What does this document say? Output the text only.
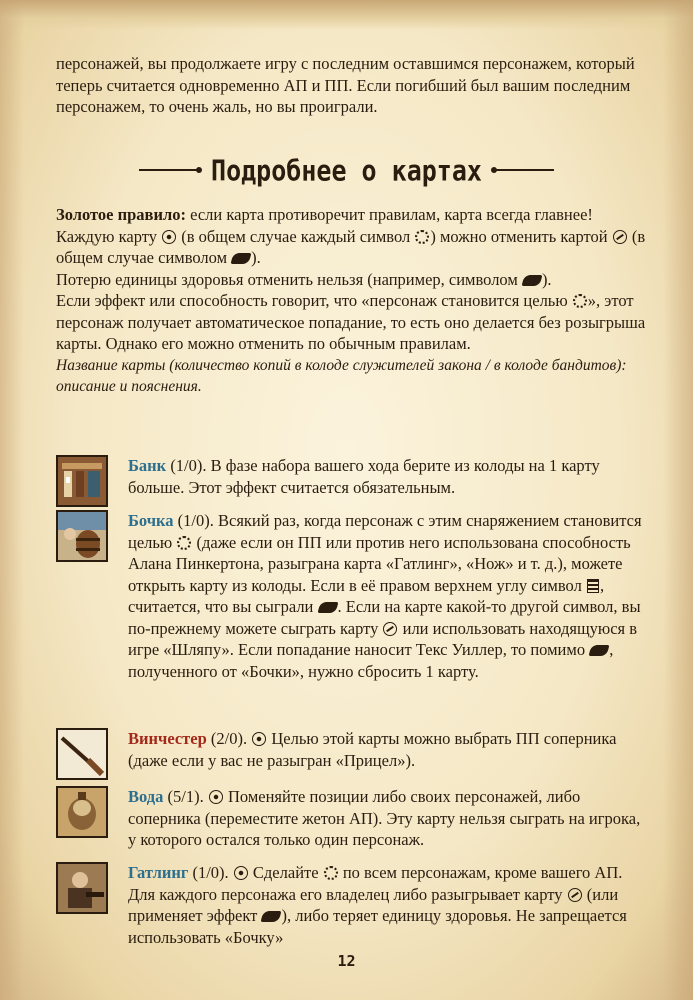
персонажей, вы продолжаете игру с последним оставшимся персонажем, который теперь считается одновременно АП и ПП. Если погибший был вашим последним персонажем, то очень жаль, но вы проиграли.

Подробнее о картах

Золотое правило: если карта противоречит правилам, карта всегда главнее!

Каждую карту  (в общем случае каждый символ ) можно отменить картой  (в общем случае символом ).

Потерю единицы здоровья отменить нельзя (например, символом ).

Если эффект или способность говорит, что «персонаж становится целью », этот персонаж получает автоматическое попадание, то есть оно делается без розыгрыша карты. Однако его можно отменить по обычным правилам.

Название карты (количество копий в колоде служителей закона / в колоде бандитов): описание и пояснения.

Банк (1/0). В фазе набора вашего хода берите из колоды на 1 карту больше. Этот эффект считается обязательным.

Бочка (1/0). Всякий раз, когда персонаж с этим снаряжением становится целью  (даже если он ПП или против него использована способность Алана Пинкертона, разыграна карта «Гатлинг», «Нож» и т. д.), можете открыть карту из колоды. Если в её правом верхнем углу символ , считается, что вы сыграли . Если на карте какой-то другой символ, вы по-прежнему можете сыграть карту  или использовать находящуюся в игре «Шляпу». Если попадание наносит Текс Уиллер, то помимо , полученного от «Бочки», нужно сбросить 1 карту.

Винчестер (2/0).  Целью этой карты можно выбрать ПП соперника (даже если у вас не разыгран «Прицел»).

Вода (5/1).  Поменяйте позиции либо своих персонажей, либо соперника (переместите жетон АП). Эту карту нельзя сыграть на игрока, у которого остался только один персонаж.

Гатлинг (1/0).  Сделайте  по всем персонажам, кроме вашего АП. Для каждого персонажа его владелец либо разыгрывает карту  (или применяет эффект ), либо теряет единицу здоровья. Не запрещается использовать «Бочку»

12
